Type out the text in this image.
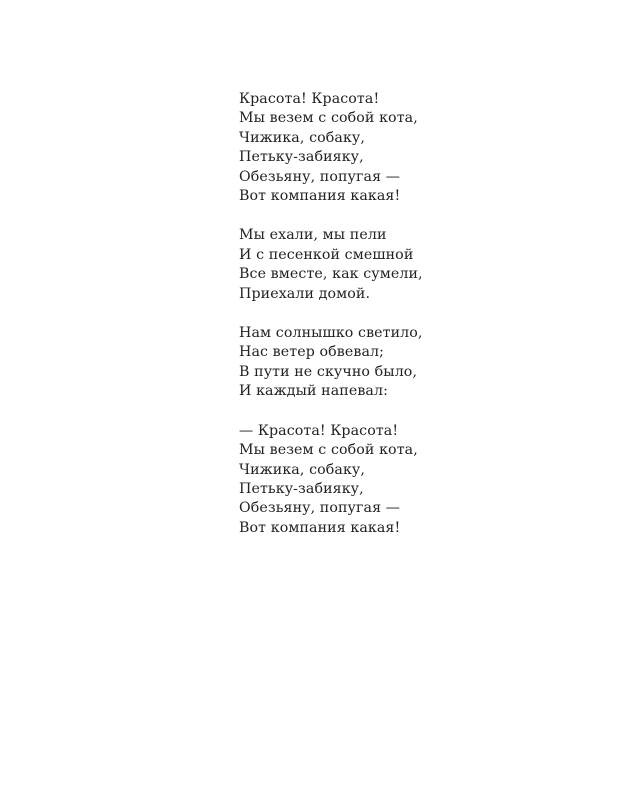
Красота! Красота!
Мы везем с собой кота,
Чижика, собаку,
Петьку-забияку,
Обезьяну, попугая —
Вот компания какая!
Мы ехали, мы пели
И с песенкой смешной
Все вместе, как сумели,
Приехали домой.
Нам солнышко светило,
Нас ветер обвевал;
В пути не скучно было,
И каждый напевал:
— Красота! Красота!
Мы везем с собой кота,
Чижика, собаку,
Петьку-забияку,
Обезьяну, попугая —
Вот компания какая!
